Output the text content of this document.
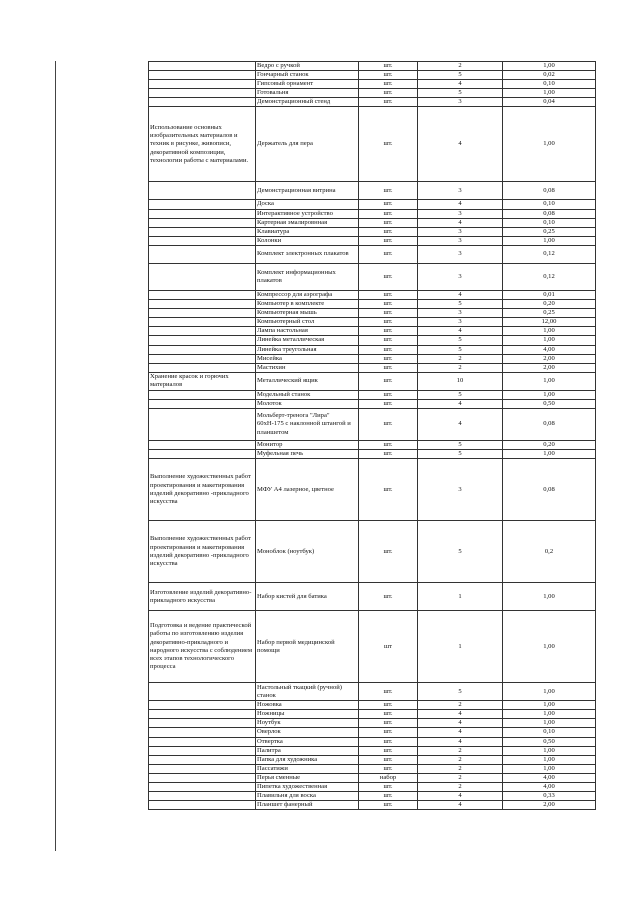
	Ведро с ручкой	шт.	2	1,00
	Гончарный станок	шт.	5	0,02
	Гипсовый орнамент	шт.	4	0,10
	Готовальня	шт.	5	1,00
	Демонстрационный стенд	шт.	3	0,04
Использование основных изобразительных материалов и техник в рисунке, живописи, декоративной композиции, технологии работы с материалами.	Держатель для пера	шт.	4	1,00
	Демонстрационная витрина	шт.	3	0,08
	Доска	шт.	4	0,10
	Интерактивное устройство	шт.	3	0,08
	Картерная эмалировнная	шт.	4	0,10
	Клавиатура	шт.	3	0,25
	Колонки	шт.	3	1,00
	Комплект электронных плакатов	шт.	3	0,12
	Комплект информационных плакатов	шт.	3	0,12
	Компрессор для аэрографа	шт.	4	0,01
	Компьютер в комплекте	шт.	5	0,20
	Компьютерная мышь	шт.	3	0,25
	Компьютерный стол	шт.	3	12,00
	Лампа настольная	шт.	4	1,00
	Линейка металлическая	шт.	5	1,00
	Линейка треугольная	шт.	5	4,00
	Мисейка	шт.	2	2,00
	Мастихин	шт.	2	2,00
Хранение красок и горючих материалов	Металлический ящик	шт.	10	1,00
	Модельный станок	шт.	5	1,00
	Молоток	шт.	4	0,50
	Мольберт-тренога "Лира" 60хН-175 с наклонной штангой и планшетом	шт.	4	0,08
	Монитор	шт.	5	0,20
	Муфельная печь	шт.	5	1,00
Выполнение художественных работ проектирования и макетирования изделий декоративно -прикладного искусства	МФУ А4 лазерное, цветное	шт.	3	0,08
Выполнение художественных работ проектирования и макетирования изделий декоративно -прикладного искусства	Моноблок (ноутбук)	шт.	5	0,2
Изготовление изделий декоративно-прикладного искусства	Набор кистей для батика	шт.	1	1,00
Подготовка и ведение практической работы по изготовлению изделия декоративно-прикладного и народного искусства с соблюдением всех этапов технологического процесса	Набор первой медицинской помощи	шт	1	1,00
	Настольный ткацкий (ручной) станок	шт.	5	1,00
	Ножовка	шт.	2	1,00
	Ножницы	шт.	4	1,00
	Ноутбук	шт.	4	1,00
	Оверлок	шт.	4	0,10
	Отвертка	шт.	4	0,50
	Палитра	шт.	2	1,00
	Папка для художника	шт.	2	1,00
	Пассатижи	шт.	2	1,00
	Перья сменные	набор	2	4,00
	Пипетка художественная	шт.	2	4,00
	Плавильня для воска	шт.	4	0,33
	Планшет фанерный	шт.	4	2,00
